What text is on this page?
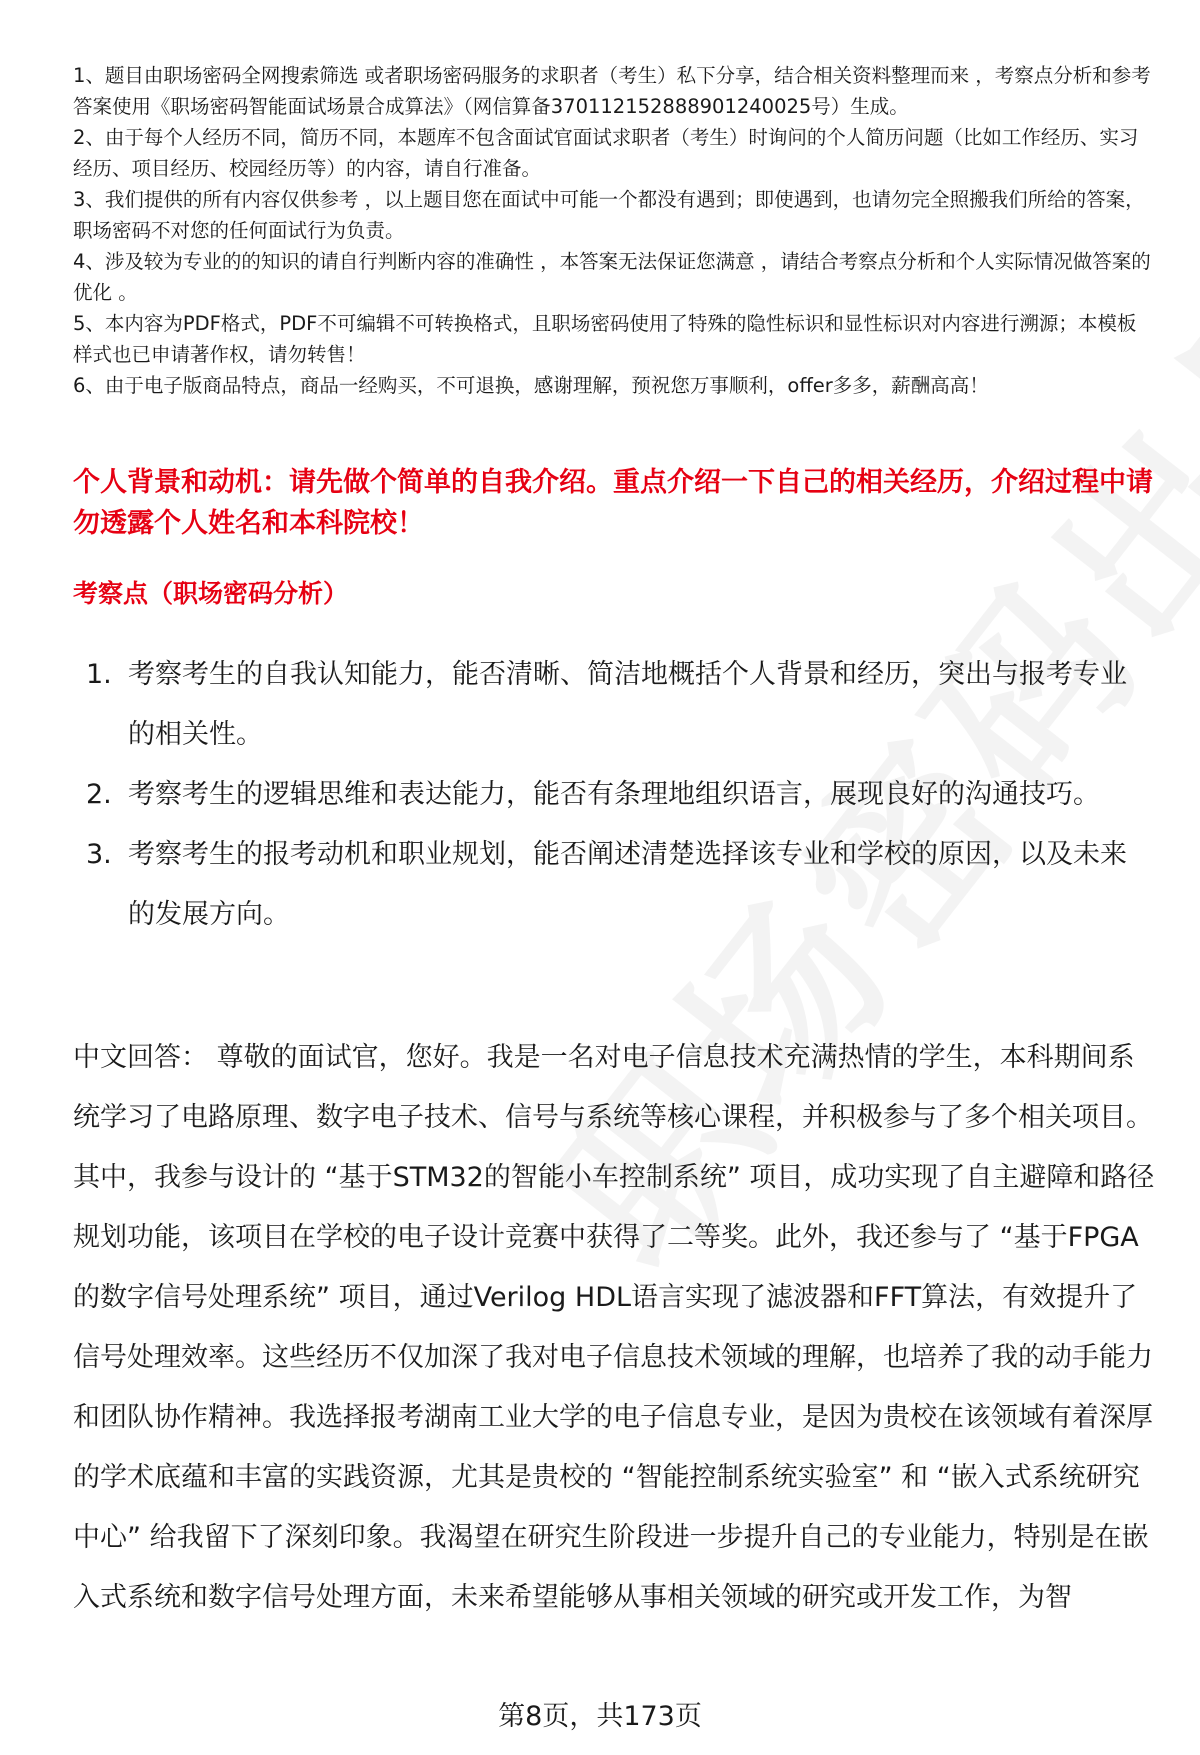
1、题目由职场密码全网搜索筛选 或者职场密码服务的求职者（考生）私下分享，结合相关资料整理而来 ，考察点分析和参考答案使用《职场密码智能面试场景合成算法》（网信算备370112152888901240025号）生成。

2、由于每个人经历不同，简历不同，本题库不包含面试官面试求职者（考生）时询问的个人简历问题（比如工作经历、实习经历、项目经历、校园经历等）的内容，请自行准备。

3、我们提供的所有内容仅供参考 ，以上题目您在面试中可能一个都没有遇到；即使遇到，也请勿完全照搬我们所给的答案，职场密码不对您的任何面试行为负责。

4、涉及较为专业的的知识的请自行判断内容的准确性 ，本答案无法保证您满意 ，请结合考察点分析和个人实际情况做答案的优化 。

5、本内容为PDF格式，PDF不可编辑不可转换格式，且职场密码使用了特殊的隐性标识和显性标识对内容进行溯源；本模板样式也已申请著作权，请勿转售！

6、由于电子版商品特点，商品一经购买，不可退换，感谢理解，预祝您万事顺利，offer多多，薪酬高高！

个人背景和动机：请先做个简单的自我介绍。重点介绍一下自己的相关经历，介绍过程中请勿透露个人姓名和本科院校！
考察点（职场密码分析）
1. 考察考生的自我认知能力，能否清晰、简洁地概括个人背景和经历，突出与报考专业的相关性。
2. 考察考生的逻辑思维和表达能力，能否有条理地组织语言，展现良好的沟通技巧。
3. 考察考生的报考动机和职业规划，能否阐述清楚选择该专业和学校的原因，以及未来的发展方向。

中文回答： 尊敬的面试官，您好。我是一名对电子信息技术充满热情的学生，本科期间系统学习了电路原理、数字电子技术、信号与系统等核心课程，并积极参与了多个相关项目。其中，我参与设计的 “基于STM32的智能小车控制系统” 项目，成功实现了自主避障和路径规划功能，该项目在学校的电子设计竞赛中获得了二等奖。此外，我还参与了 “基于FPGA的数字信号处理系统” 项目，通过Verilog HDL语言实现了滤波器和FFT算法，有效提升了信号处理效率。这些经历不仅加深了我对电子信息技术领域的理解，也培养了我的动手能力和团队协作精神。我选择报考湖南工业大学的电子信息专业，是因为贵校在该领域有着深厚的学术底蕴和丰富的实践资源，尤其是贵校的 “智能控制系统实验室” 和 “嵌入式系统研究中心” 给我留下了深刻印象。我渴望在研究生阶段进一步提升自己的专业能力，特别是在嵌入式系统和数字信号处理方面，未来希望能够从事相关领域的研究或开发工作，为智

第8页，共173页
